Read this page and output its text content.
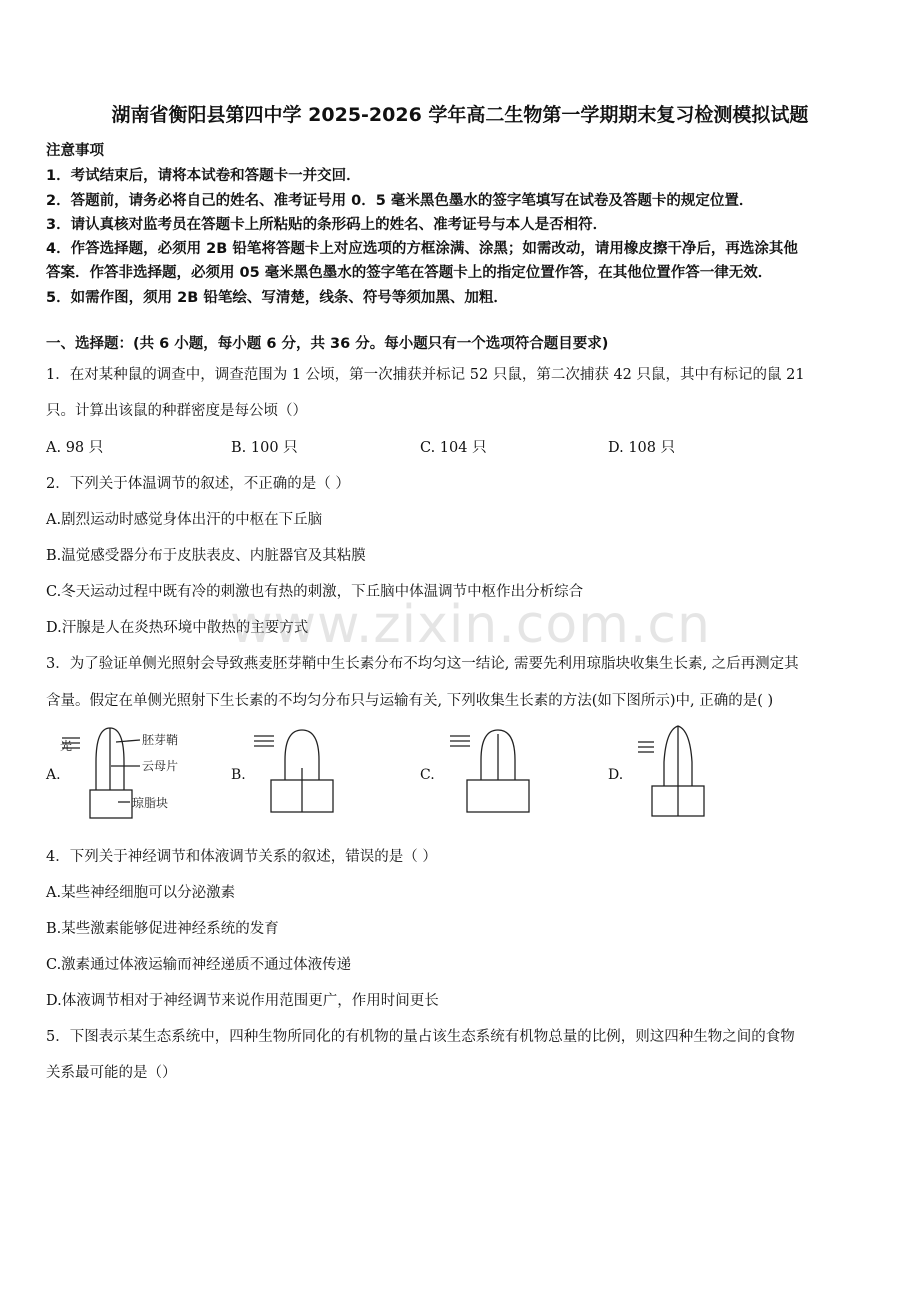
湖南省衡阳县第四中学 2025-2026 学年高二生物第一学期期末复习检测模拟试题
注意事项
1．考试结束后，请将本试卷和答题卡一并交回．
2．答题前，请务必将自己的姓名、准考证号用 0．5 毫米黑色墨水的签字笔填写在试卷及答题卡的规定位置．
3．请认真核对监考员在答题卡上所粘贴的条形码上的姓名、准考证号与本人是否相符．
4．作答选择题，必须用 2B 铅笔将答题卡上对应选项的方框涂满、涂黑；如需改动，请用橡皮擦干净后，再选涂其他
答案．作答非选择题，必须用 05 毫米黑色墨水的签字笔在答题卡上的指定位置作答，在其他位置作答一律无效．
5．如需作图，须用 2B 铅笔绘、写清楚，线条、符号等须加黑、加粗．
一、选择题：(共 6 小题，每小题 6 分，共 36 分。每小题只有一个选项符合题目要求)
1．在对某种鼠的调查中，调查范围为 1 公顷，第一次捕获并标记 52 只鼠，第二次捕获 42 只鼠，其中有标记的鼠 21
只。计算出该鼠的种群密度是每公顷（）
A. 98 只	B. 100 只	C. 104 只	D. 108 只
2．下列关于体温调节的叙述，不正确的是（ ）
A.剧烈运动时感觉身体出汗的中枢在下丘脑
B.温觉感受器分布于皮肤表皮、内脏器官及其粘膜
C.冬天运动过程中既有冷的刺激也有热的刺激，下丘脑中体温调节中枢作出分析综合
D.汗腺是人在炎热环境中散热的主要方式
3．为了验证单侧光照射会导致燕麦胚芽鞘中生长素分布不均匀这一结论, 需要先利用琼脂块收集生长素, 之后再测定其
含量。假定在单侧光照射下生长素的不均匀分布只与运输有关, 下列收集生长素的方法(如下图所示)中, 正确的是( )
A.
光	胚芽鞘
云母片
琼脂块
B.	C.	D.
4．下列关于神经调节和体液调节关系的叙述，错误的是（ ）
A.某些神经细胞可以分泌激素
B.某些激素能够促进神经系统的发育
C.激素通过体液运输而神经递质不通过体液传递
D.体液调节相对于神经调节来说作用范围更广，作用时间更长
5．下图表示某生态系统中，四种生物所同化的有机物的量占该生态系统有机物总量的比例，则这四种生物之间的食物
关系最可能的是（）
www.zixin.com.cn
